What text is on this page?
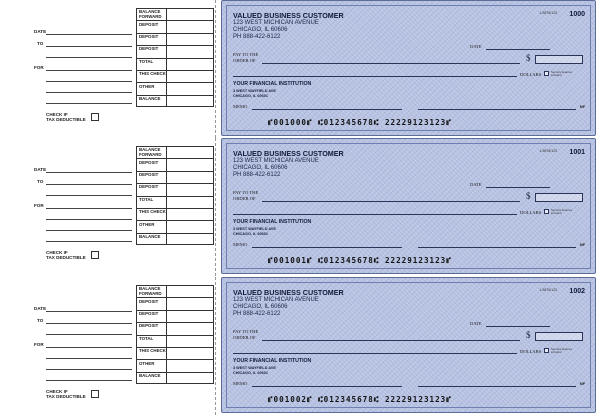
DATE
TO
FOR
CHECK IF
TAX DEDUCTIBLE
BALANCE FORWARD
DEPOSIT
DEPOSIT
DEPOSIT
TOTAL
THIS CHECK
OTHER
BALANCE
VALUED BUSINESS CUSTOMER
123 WEST MICHICAN AVENUE
CHICAGO, IL 60606
PH 888-422-6122
1-9876/123 1000
DATE
PAY TO THE
ORDER OF	$
DOLLARS	Security features included
YOUR FINANCIAL INSTITUTION
3 WEST WAYFIELD AVE
CHICAGO, IL 60601
MEMO	MP
⑈001000⑈ ⑆012345678⑆ 22229123123⑈
DATE
TO
FOR
CHECK IF
TAX DEDUCTIBLE
BALANCE FORWARD
DEPOSIT
DEPOSIT
DEPOSIT
TOTAL
THIS CHECK
OTHER
BALANCE
VALUED BUSINESS CUSTOMER
123 WEST MICHICAN AVENUE
CHICAGO, IL 60606
PH 888-422-6122
1-9876/123 1001
DATE
PAY TO THE
ORDER OF	$
DOLLARS	Security features included
YOUR FINANCIAL INSTITUTION
3 WEST WAYFIELD AVE
CHICAGO, IL 60601
MEMO	MP
⑈001001⑈ ⑆012345678⑆ 22229123123⑈
DATE
TO
FOR
CHECK IF
TAX DEDUCTIBLE
BALANCE FORWARD
DEPOSIT
DEPOSIT
DEPOSIT
TOTAL
THIS CHECK
OTHER
BALANCE
VALUED BUSINESS CUSTOMER
123 WEST MICHICAN AVENUE
CHICAGO, IL 60606
PH 888-422-6122
1-9876/123 1002
DATE
PAY TO THE
ORDER OF	$
DOLLARS	Security features included
YOUR FINANCIAL INSTITUTION
3 WEST WAYFIELD AVE
CHICAGO, IL 60601
MEMO	MP
⑈001002⑈ ⑆012345678⑆ 22229123123⑈
